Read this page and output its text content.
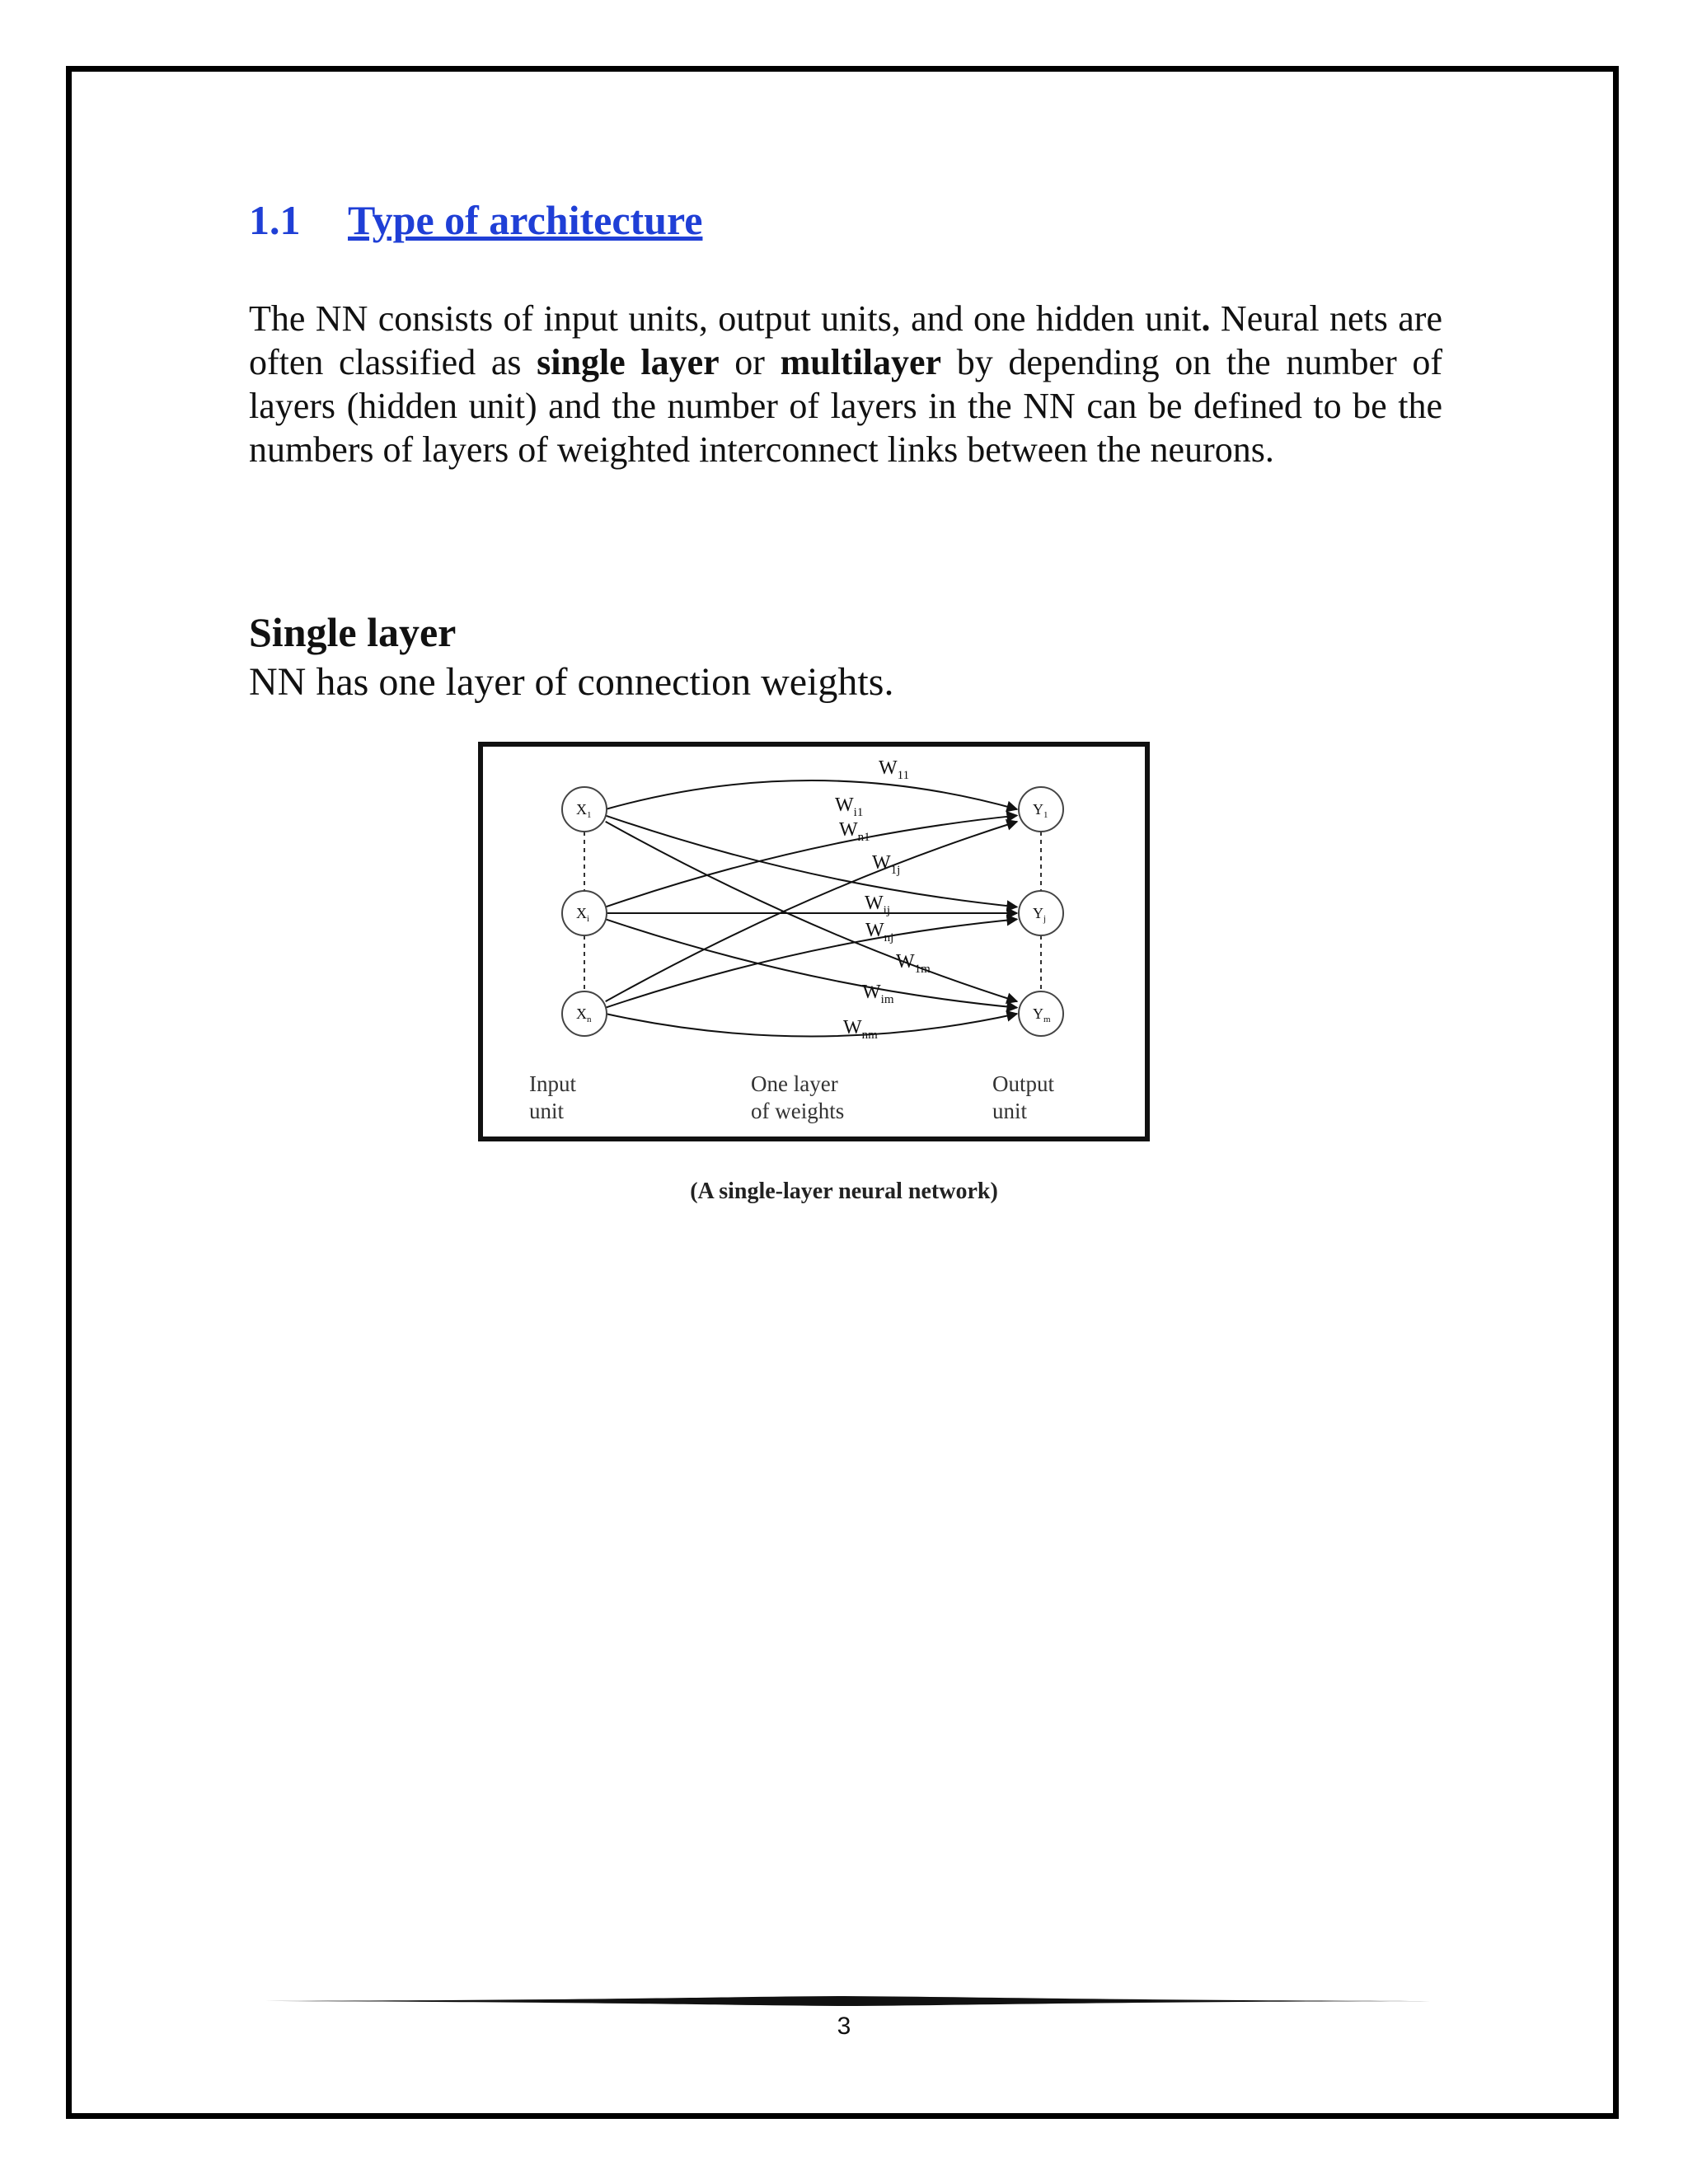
1.1 Type of architecture
The NN consists of input units, output units, and one hidden unit. Neural nets are often classified as single layer or multilayer by depending on the number of layers (hidden unit) and the number of layers in the NN can be defined to be the numbers of layers of weighted interconnect links between the neurons.
Single layer
NN has one layer of connection weights.
$W_{11}$
$W_{i1}$
$W_{n1}$
$W_{1j}$
$W_{ij}$
$W_{nj}$
$W_{1m}$
$W_{im}$
$W_{nm}$
$X_1$
$X_i$
$X_n$
$Y_1$
$Y_j$
$Y_m$
Input
unit
One layer
of weights
Output
unit
(A single-layer neural network)
3
